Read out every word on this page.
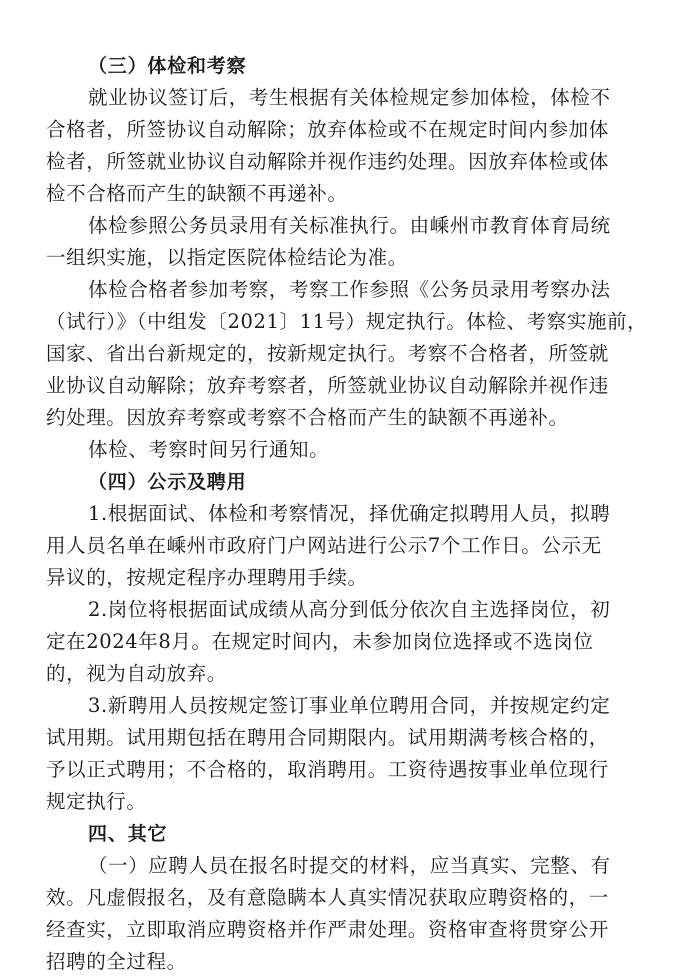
（三）体检和考察
就业协议签订后，考生根据有关体检规定参加体检，体检不
合格者，所签协议自动解除；放弃体检或不在规定时间内参加体
检者，所签就业协议自动解除并视作违约处理。因放弃体检或体
检不合格而产生的缺额不再递补。
体检参照公务员录用有关标准执行。由嵊州市教育体育局统
一组织实施，以指定医院体检结论为准。
体检合格者参加考察，考察工作参照《公务员录用考察办法
（试行）》（中组发〔2021〕11号）规定执行。体检、考察实施前，
国家、省出台新规定的，按新规定执行。考察不合格者，所签就
业协议自动解除；放弃考察者，所签就业协议自动解除并视作违
约处理。因放弃考察或考察不合格而产生的缺额不再递补。
体检、考察时间另行通知。
（四）公示及聘用
1.根据面试、体检和考察情况，择优确定拟聘用人员，拟聘
用人员名单在嵊州市政府门户网站进行公示7个工作日。公示无
异议的，按规定程序办理聘用手续。
2.岗位将根据面试成绩从高分到低分依次自主选择岗位，初
定在2024年8月。在规定时间内，未参加岗位选择或不选岗位
的，视为自动放弃。
3.新聘用人员按规定签订事业单位聘用合同，并按规定约定
试用期。试用期包括在聘用合同期限内。试用期满考核合格的，
予以正式聘用；不合格的，取消聘用。工资待遇按事业单位现行
规定执行。
四、其它
（一）应聘人员在报名时提交的材料，应当真实、完整、有
效。凡虚假报名，及有意隐瞒本人真实情况获取应聘资格的，一
经查实，立即取消应聘资格并作严肃处理。资格审查将贯穿公开
招聘的全过程。
